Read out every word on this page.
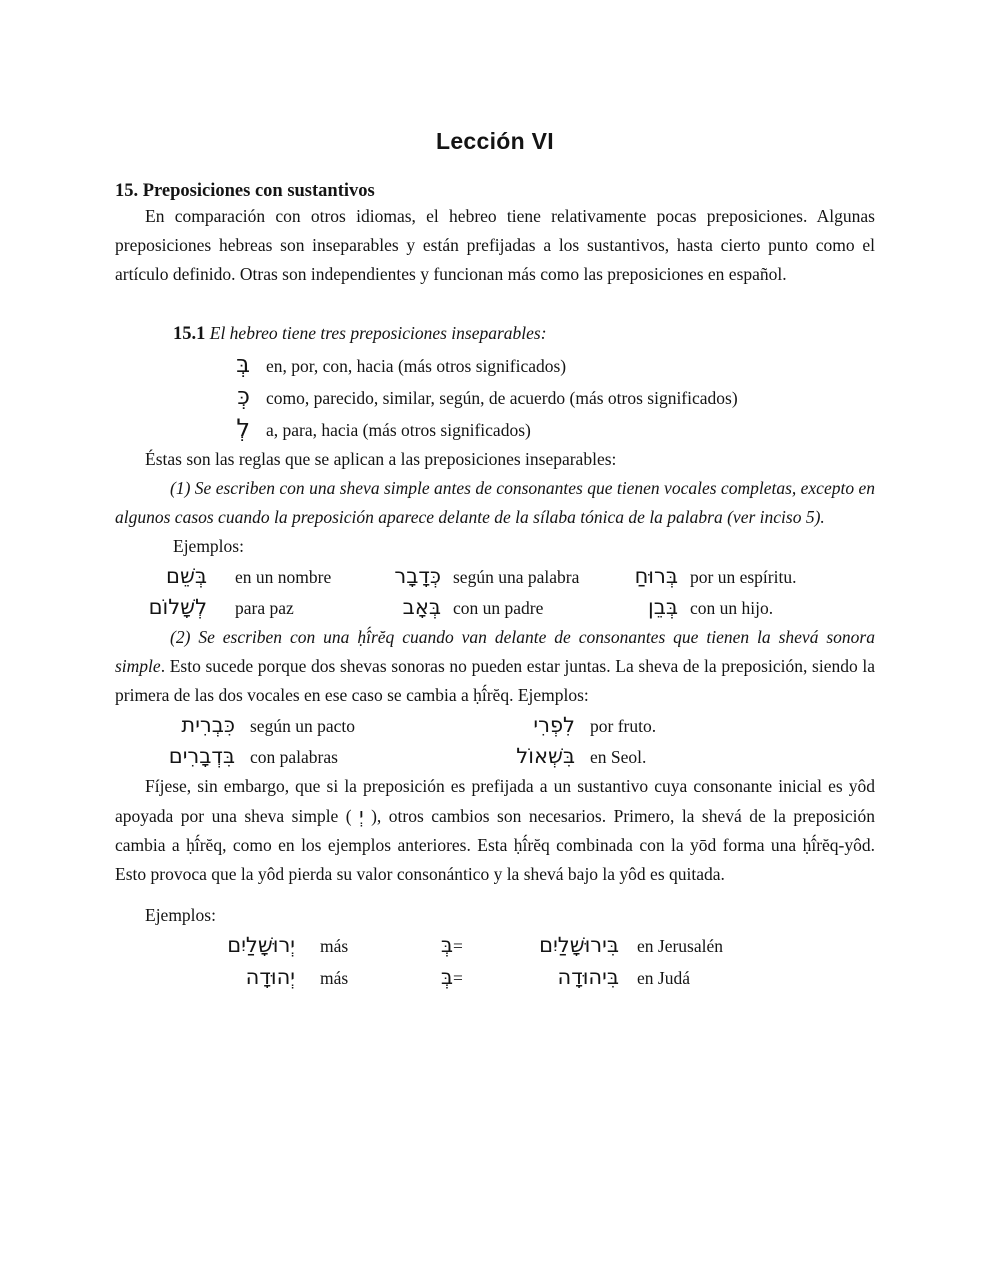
Lección VI
15. Preposiciones con sustantivos

En comparación con otros idiomas, el hebreo tiene relativamente pocas preposiciones. Algunas preposiciones hebreas son inseparables y están prefijadas a los sustantivos, hasta cierto punto como el artículo definido. Otras son independientes y funcionan más como las preposiciones en español.

15.1 El hebreo tiene tres preposiciones inseparables:
בְּ en, por, con, hacia (más otros significados)
כְּ como, parecido, similar, según, de acuerdo (más otros significados)
לְ a, para, hacia (más otros significados)

Éstas son las reglas que se aplican a las preposiciones inseparables:

(1) Se escriben con una sheva simple antes de consonantes que tienen vocales completas, excepto en algunos casos cuando la preposición aparece delante de la sílaba tónica de la palabra (ver inciso 5).

Ejemplos:

בְּשֵׁם	en un nombre	כְּדָבָר según una palabra	בְּרוּחַ por un espíritu.
לְשָׁלוֹם	para paz	בְּאָב con un padre	בְּבֵן con un hijo.

(2) Se escriben con una ḥî́rĕq cuando van delante de consonantes que tienen la shevá sonora simple. Esto sucede porque dos shevas sonoras no pueden estar juntas. La sheva de la preposición, siendo la primera de las dos vocales en ese caso se cambia a ḥî́rĕq. Ejemplos:

כִּבְרִית según un pacto	לִפְרִי por fruto.
בִּדְבָרִים con palabras	בִּשְׁאוֹל en Seol.

Fíjese, sin embargo, que si la preposición es prefijada a un sustantivo cuya consonante inicial es yôd apoyada por una sheva simple ( יְ ), otros cambios son necesarios. Primero, la shevá de la preposición cambia a ḥî́rĕq, como en los ejemplos anteriores. Esta ḥî́rĕq combinada con la yōd forma una ḥî́rĕq-yôd. Esto provoca que la yôd pierda su valor consonántico y la shevá bajo la yôd es quitada.

Ejemplos:

יְרוּשָׁלַיִם	más	בְּ =	בִּירוּשָׁלַיִם	en Jerusalén
יְהוּדָה	más	בְּ =	בִּיהוּדָה	en Judá
